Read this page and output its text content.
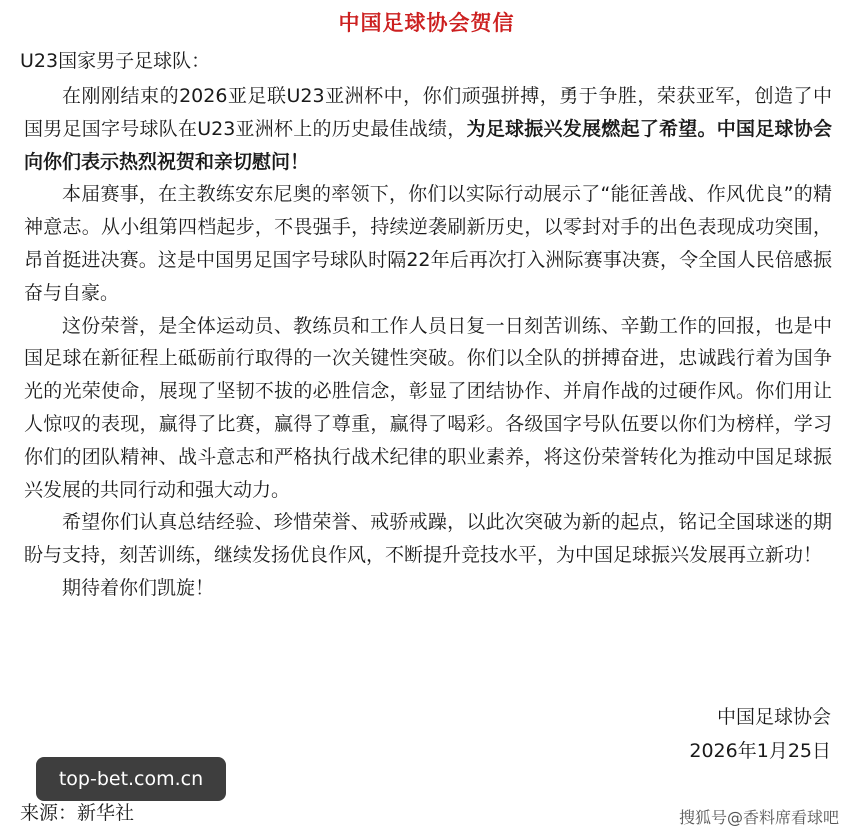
中国足球协会贺信
U23国家男子足球队：

在刚刚结束的2026亚足联U23亚洲杯中，你们顽强拼搏，勇于争胜，荣获亚军，创造了中国男足国字号球队在U23亚洲杯上的历史最佳战绩，为足球振兴发展燃起了希望。中国足球协会向你们表示热烈祝贺和亲切慰问！

本届赛事，在主教练安东尼奥的率领下，你们以实际行动展示了“能征善战、作风优良”的精神意志。从小组第四档起步，不畏强手，持续逆袭刷新历史，以零封对手的出色表现成功突围，昂首挺进决赛。这是中国男足国字号球队时隔22年后再次打入洲际赛事决赛，令全国人民倍感振奋与自豪。

这份荣誉，是全体运动员、教练员和工作人员日复一日刻苦训练、辛勤工作的回报，也是中国足球在新征程上砥砺前行取得的一次关键性突破。你们以全队的拼搏奋进，忠诚践行着为国争光的光荣使命，展现了坚韧不拔的必胜信念，彰显了团结协作、并肩作战的过硬作风。你们用让人惊叹的表现，赢得了比赛，赢得了尊重，赢得了喝彩。各级国字号队伍要以你们为榜样，学习你们的团队精神、战斗意志和严格执行战术纪律的职业素养，将这份荣誉转化为推动中国足球振兴发展的共同行动和强大动力。

希望你们认真总结经验、珍惜荣誉、戒骄戒躁，以此次突破为新的起点，铭记全国球迷的期盼与支持，刻苦训练，继续发扬优良作风，不断提升竞技水平，为中国足球振兴发展再立新功！

期待着你们凯旋！

中国足球协会
2026年1月25日
来源：新华社
top-bet.com.cn
搜狐号@香料席看球吧
